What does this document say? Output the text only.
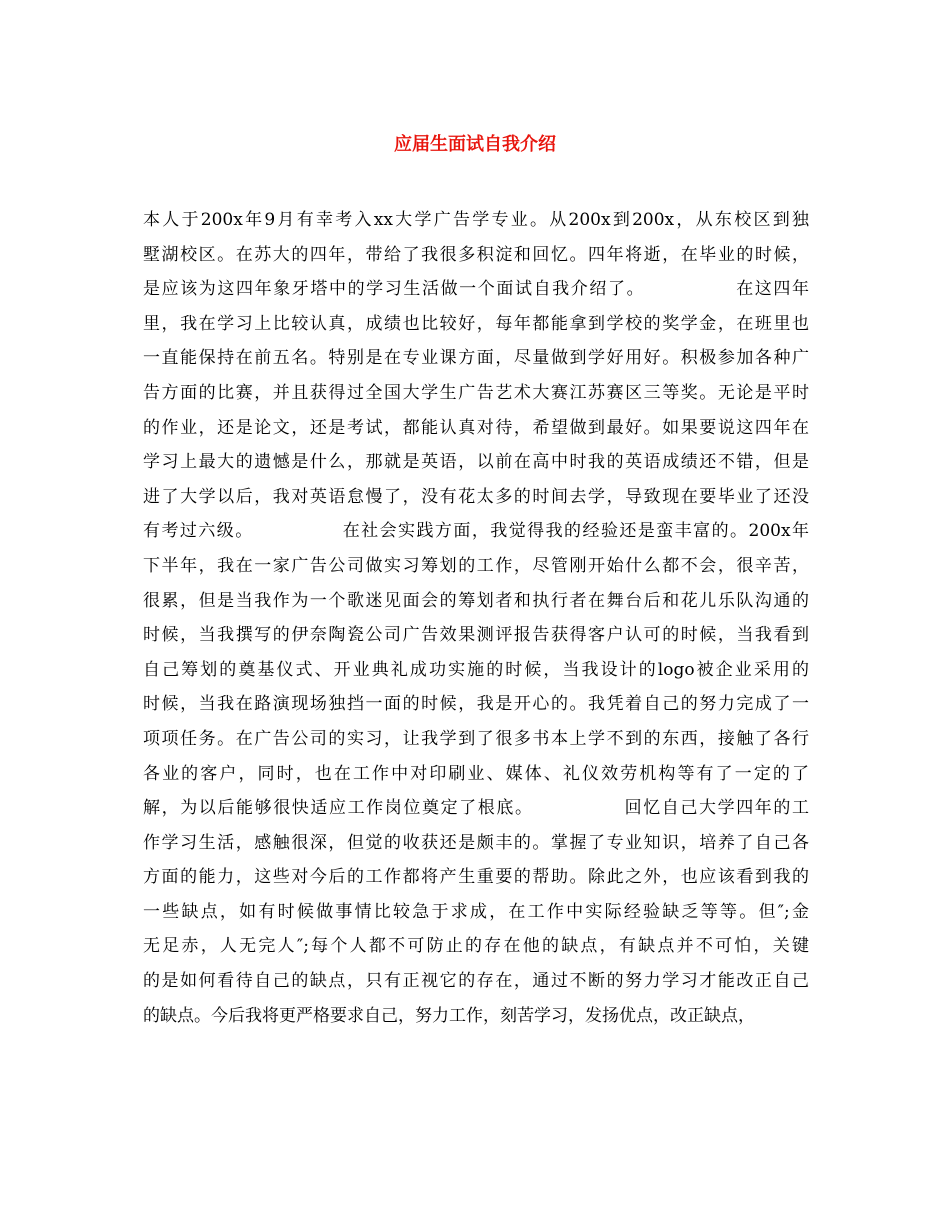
应届生面试自我介绍
本人于200x年9月有幸考入xx大学广告学专业。从200x到200x，从东校区到独
墅湖校区。在苏大的四年，带给了我很多积淀和回忆。四年将逝，在毕业的时候，
是应该为这四年象牙塔中的学习生活做一个面试自我介绍了。             在这四年
里，我在学习上比较认真，成绩也比较好，每年都能拿到学校的奖学金，在班里也
一直能保持在前五名。特别是在专业课方面，尽量做到学好用好。积极参加各种广
告方面的比赛，并且获得过全国大学生广告艺术大赛江苏赛区三等奖。无论是平时
的作业，还是论文，还是考试，都能认真对待，希望做到最好。如果要说这四年在
学习上最大的遗憾是什么，那就是英语，以前在高中时我的英语成绩还不错，但是
进了大学以后，我对英语怠慢了，没有花太多的时间去学，导致现在要毕业了还没
有考过六级。             在社会实践方面，我觉得我的经验还是蛮丰富的。200x年
下半年，我在一家广告公司做实习筹划的工作，尽管刚开始什么都不会，很辛苦，
很累，但是当我作为一个歌迷见面会的筹划者和执行者在舞台后和花儿乐队沟通的
时候，当我撰写的伊奈陶瓷公司广告效果测评报告获得客户认可的时候，当我看到
自己筹划的奠基仪式、开业典礼成功实施的时候，当我设计的logo被企业采用的
时候，当我在路演现场独挡一面的时候，我是开心的。我凭着自己的努力完成了一
项项任务。在广告公司的实习，让我学到了很多书本上学不到的东西，接触了各行
各业的客户，同时，也在工作中对印刷业、媒体、礼仪效劳机构等有了一定的了
解，为以后能够很快适应工作岗位奠定了根底。             回忆自己大学四年的工
作学习生活，感触很深，但觉的收获还是颇丰的。掌握了专业知识，培养了自己各
方面的能力，这些对今后的工作都将产生重要的帮助。除此之外，也应该看到我的
一些缺点，如有时候做事情比较急于求成，在工作中实际经验缺乏等等。但″;金
无足赤，人无完人″;每个人都不可防止的存在他的缺点，有缺点并不可怕，关键
的是如何看待自己的缺点，只有正视它的存在，通过不断的努力学习才能改正自己
的缺点。今后我将更严格要求自己，努力工作，刻苦学习，发扬优点，改正缺点，
